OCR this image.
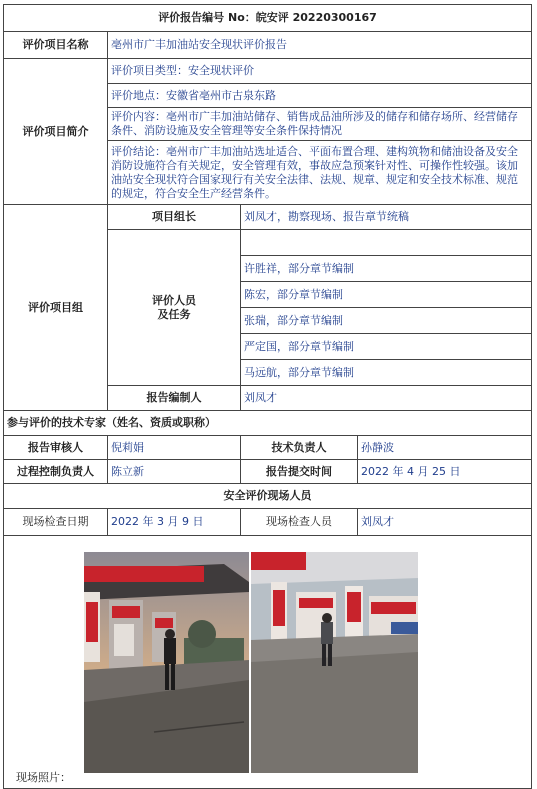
评价报告编号 No：皖安评 20220300167			
评价项目名称	亳州市广丰加油站安全现状评价报告		
评价项目简介	评价项目类型：安全现状评价		
	评价地点：安徽省亳州市古泉东路		
	评价内容：亳州市广丰加油站储存、销售成品油所涉及的储存和储存场所、经营储存条件、消防设施及安全管理等安全条件保持情况		
	评价结论：亳州市广丰加油站选址适合、平面布置合理、建构筑物和储油设备及安全消防设施符合有关规定，安全管理有效，事故应急预案针对性、可操作性较强。该加油站安全现状符合国家现行有关安全法律、法规、规章、规定和安全技术标准、规范的规定，符合安全生产经营条件。		
评价项目组	项目组长	刘凤才，勘察现场、报告章节统稿	

	评价人员
及任务		

		许胜祥，部分章节编制	
		陈宏，部分章节编制	
		张瑞，部分章节编制	
		严定国，部分章节编制	
		马远航，部分章节编制	
	报告编制人	刘凤才	
参与评价的技术专家（姓名、资质或职称）			
报告审核人	倪莉娟	技术负责人	孙静波
过程控制负责人	陈立新	报告提交时间	2022 年 4 月 25 日
安全评价现场人员			
现场检查日期	2022 年 3 月 9 日	现场检查人员	刘凤才

现场照片：			
